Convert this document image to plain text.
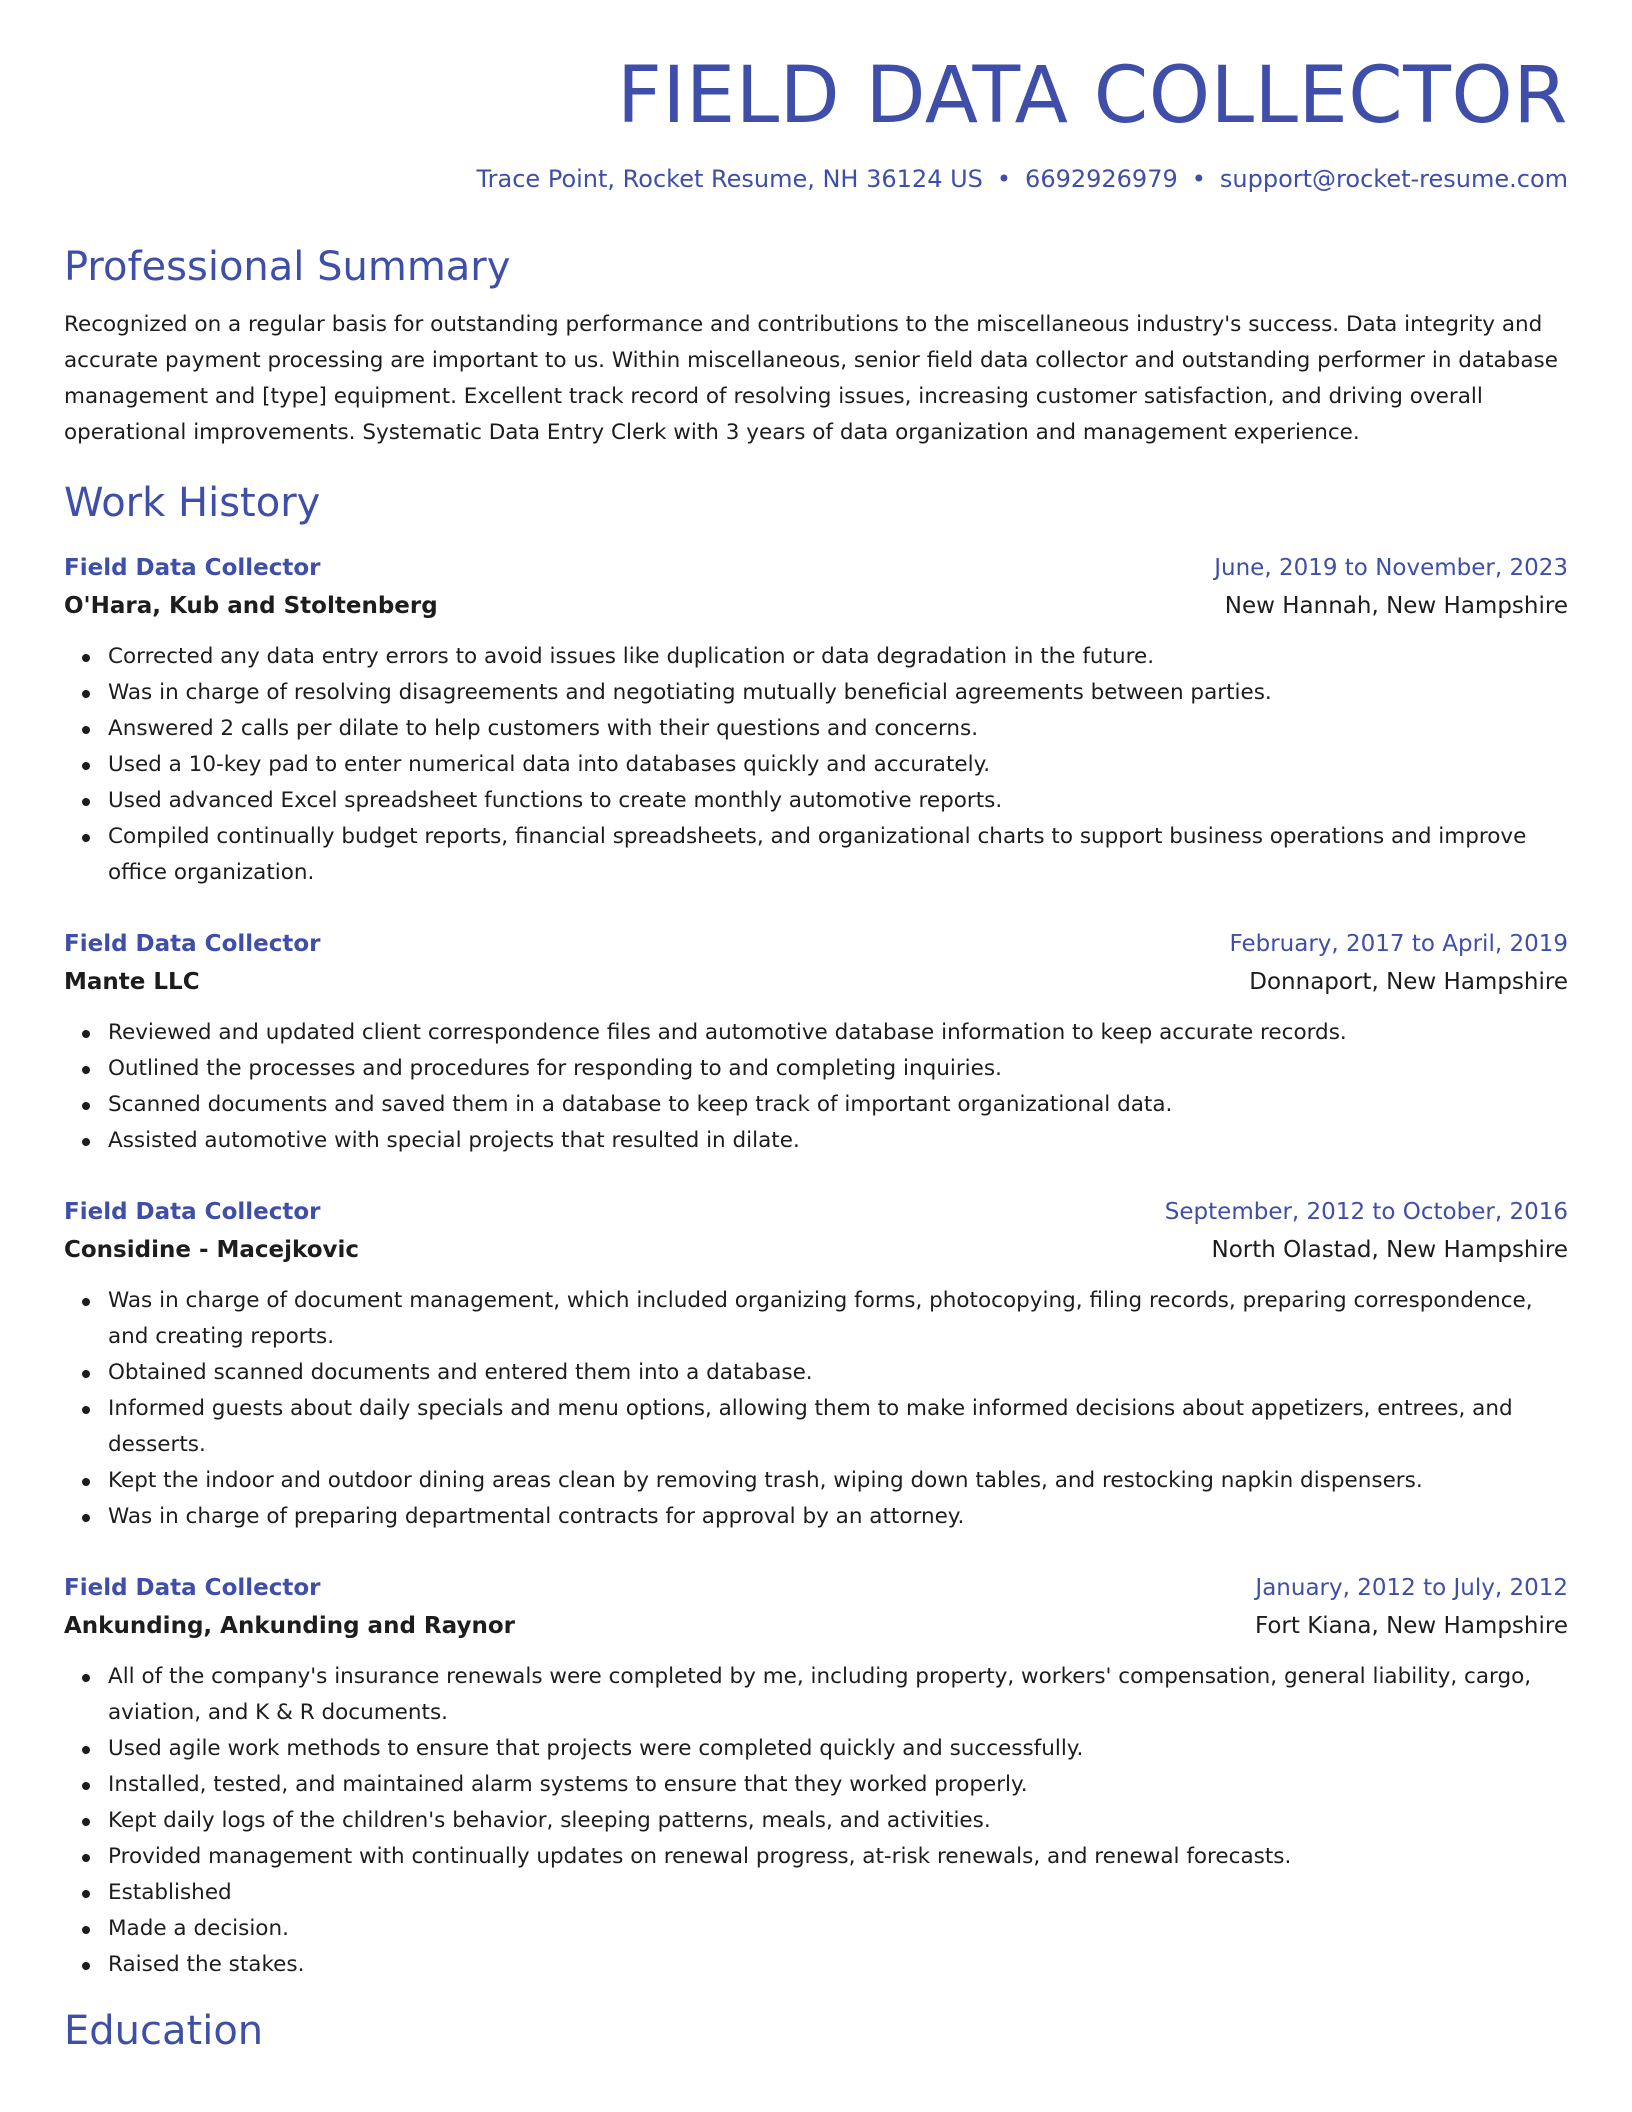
FIELD DATA COLLECTOR
Trace Point, Rocket Resume, NH 36124 US • 6692926979 • support@rocket-resume.com
Professional Summary

Recognized on a regular basis for outstanding performance and contributions to the miscellaneous industry's success. Data integrity and accurate payment processing are important to us. Within miscellaneous, senior field data collector and outstanding performer in database management and [type] equipment. Excellent track record of resolving issues, increasing customer satisfaction, and driving overall operational improvements. Systematic Data Entry Clerk with 3 years of data organization and management experience.

Work History
Field Data Collector	June, 2019 to November, 2023
O'Hara, Kub and Stoltenberg	New Hannah, New Hampshire
Corrected any data entry errors to avoid issues like duplication or data degradation in the future.
Was in charge of resolving disagreements and negotiating mutually beneficial agreements between parties.
Answered 2 calls per dilate to help customers with their questions and concerns.
Used a 10-key pad to enter numerical data into databases quickly and accurately.
Used advanced Excel spreadsheet functions to create monthly automotive reports.
Compiled continually budget reports, financial spreadsheets, and organizational charts to support business operations and improve office organization.
Field Data Collector	February, 2017 to April, 2019
Mante LLC	Donnaport, New Hampshire
Reviewed and updated client correspondence files and automotive database information to keep accurate records.
Outlined the processes and procedures for responding to and completing inquiries.
Scanned documents and saved them in a database to keep track of important organizational data.
Assisted automotive with special projects that resulted in dilate.
Field Data Collector	September, 2012 to October, 2016
Considine - Macejkovic	North Olastad, New Hampshire
Was in charge of document management, which included organizing forms, photocopying, filing records, preparing correspondence, and creating reports.
Obtained scanned documents and entered them into a database.
Informed guests about daily specials and menu options, allowing them to make informed decisions about appetizers, entrees, and desserts.
Kept the indoor and outdoor dining areas clean by removing trash, wiping down tables, and restocking napkin dispensers.
Was in charge of preparing departmental contracts for approval by an attorney.
Field Data Collector	January, 2012 to July, 2012
Ankunding, Ankunding and Raynor	Fort Kiana, New Hampshire
All of the company's insurance renewals were completed by me, including property, workers' compensation, general liability, cargo, aviation, and K & R documents.
Used agile work methods to ensure that projects were completed quickly and successfully.
Installed, tested, and maintained alarm systems to ensure that they worked properly.
Kept daily logs of the children's behavior, sleeping patterns, meals, and activities.
Provided management with continually updates on renewal progress, at-risk renewals, and renewal forecasts.
Established
Made a decision.
Raised the stakes.
Education
